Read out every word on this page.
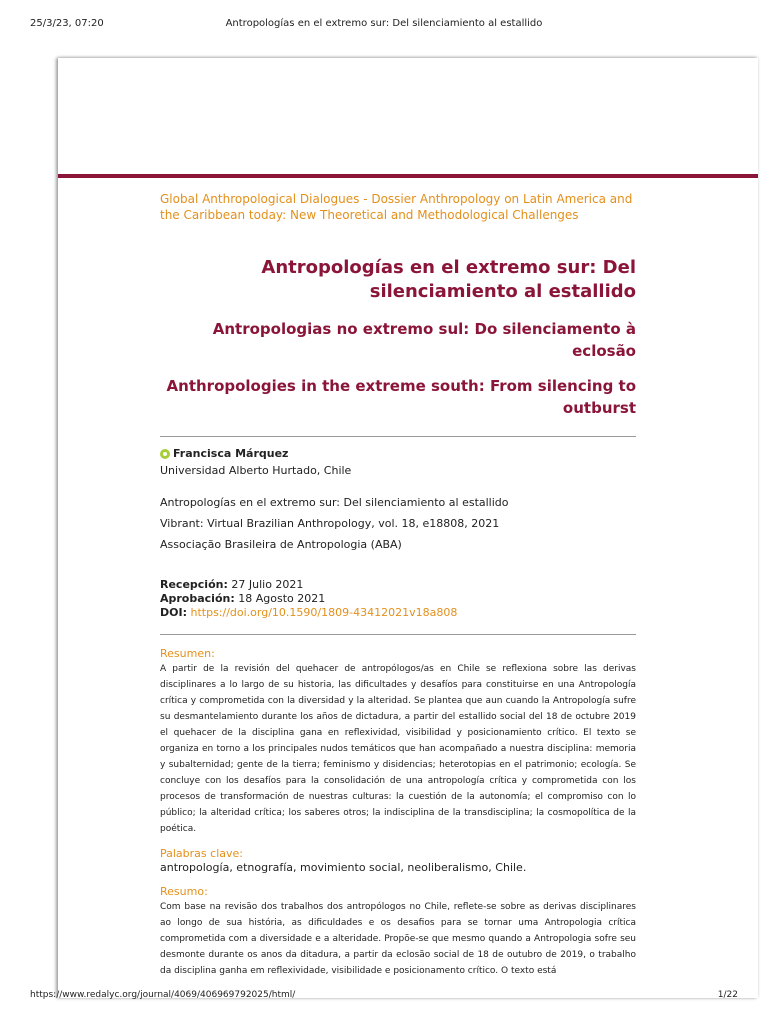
25/3/23, 07:20	Antropologías en el extremo sur: Del silenciamiento al estallido
Global Anthropological Dialogues - Dossier Anthropology on Latin America and the Caribbean today: New Theoretical and Methodological Challenges
Antropologías en el extremo sur: Del silenciamiento al estallido
Antropologias no extremo sul: Do silenciamento à eclosão
Anthropologies in the extreme south: From silencing to outburst
Francisca Márquez
Universidad Alberto Hurtado, Chile

Antropologías en el extremo sur: Del silenciamiento al estallido

Vibrant: Virtual Brazilian Anthropology, vol. 18, e18808, 2021

Associação Brasileira de Antropologia (ABA)

Recepción: 27 Julio 2021
Aprobación: 18 Agosto 2021
DOI: https://doi.org/10.1590/1809-43412021v18a808

Resumen:

A partir de la revisión del quehacer de antropólogos/as en Chile se reflexiona sobre las derivas disciplinares a lo largo de su historia, las dificultades y desafíos para constituirse en una Antropología crítica y comprometida con la diversidad y la alteridad. Se plantea que aun cuando la Antropología sufre su desmantelamiento durante los años de dictadura, a partir del estallido social del 18 de octubre 2019 el quehacer de la disciplina gana en reflexividad, visibilidad y posicionamiento crítico. El texto se organiza en torno a los principales nudos temáticos que han acompañado a nuestra disciplina: memoria y subalternidad; gente de la tierra; feminismo y disidencias; heterotopias en el patrimonio; ecología. Se concluye con los desafíos para la consolidación de una antropología crítica y comprometida con los procesos de transformación de nuestras culturas: la cuestión de la autonomía; el compromiso con lo público; la alteridad crítica; los saberes otros; la indisciplina de la transdisciplina; la cosmopolítica de la poética.

Palabras clave:

antropología, etnografía, movimiento social, neoliberalismo, Chile.

Resumo:

Com base na revisão dos trabalhos dos antropólogos no Chile, reflete-se sobre as derivas disciplinares ao longo de sua história, as dificuldades e os desafios para se tornar uma Antropologia crítica comprometida com a diversidade e a alteridade. Propõe-se que mesmo quando a Antropologia sofre seu desmonte durante os anos da ditadura, a partir da eclosão social de 18 de outubro de 2019, o trabalho da disciplina ganha em reflexividade, visibilidade e posicionamento crítico. O texto está

https://www.redalyc.org/journal/4069/406969792025/html/	1/22
